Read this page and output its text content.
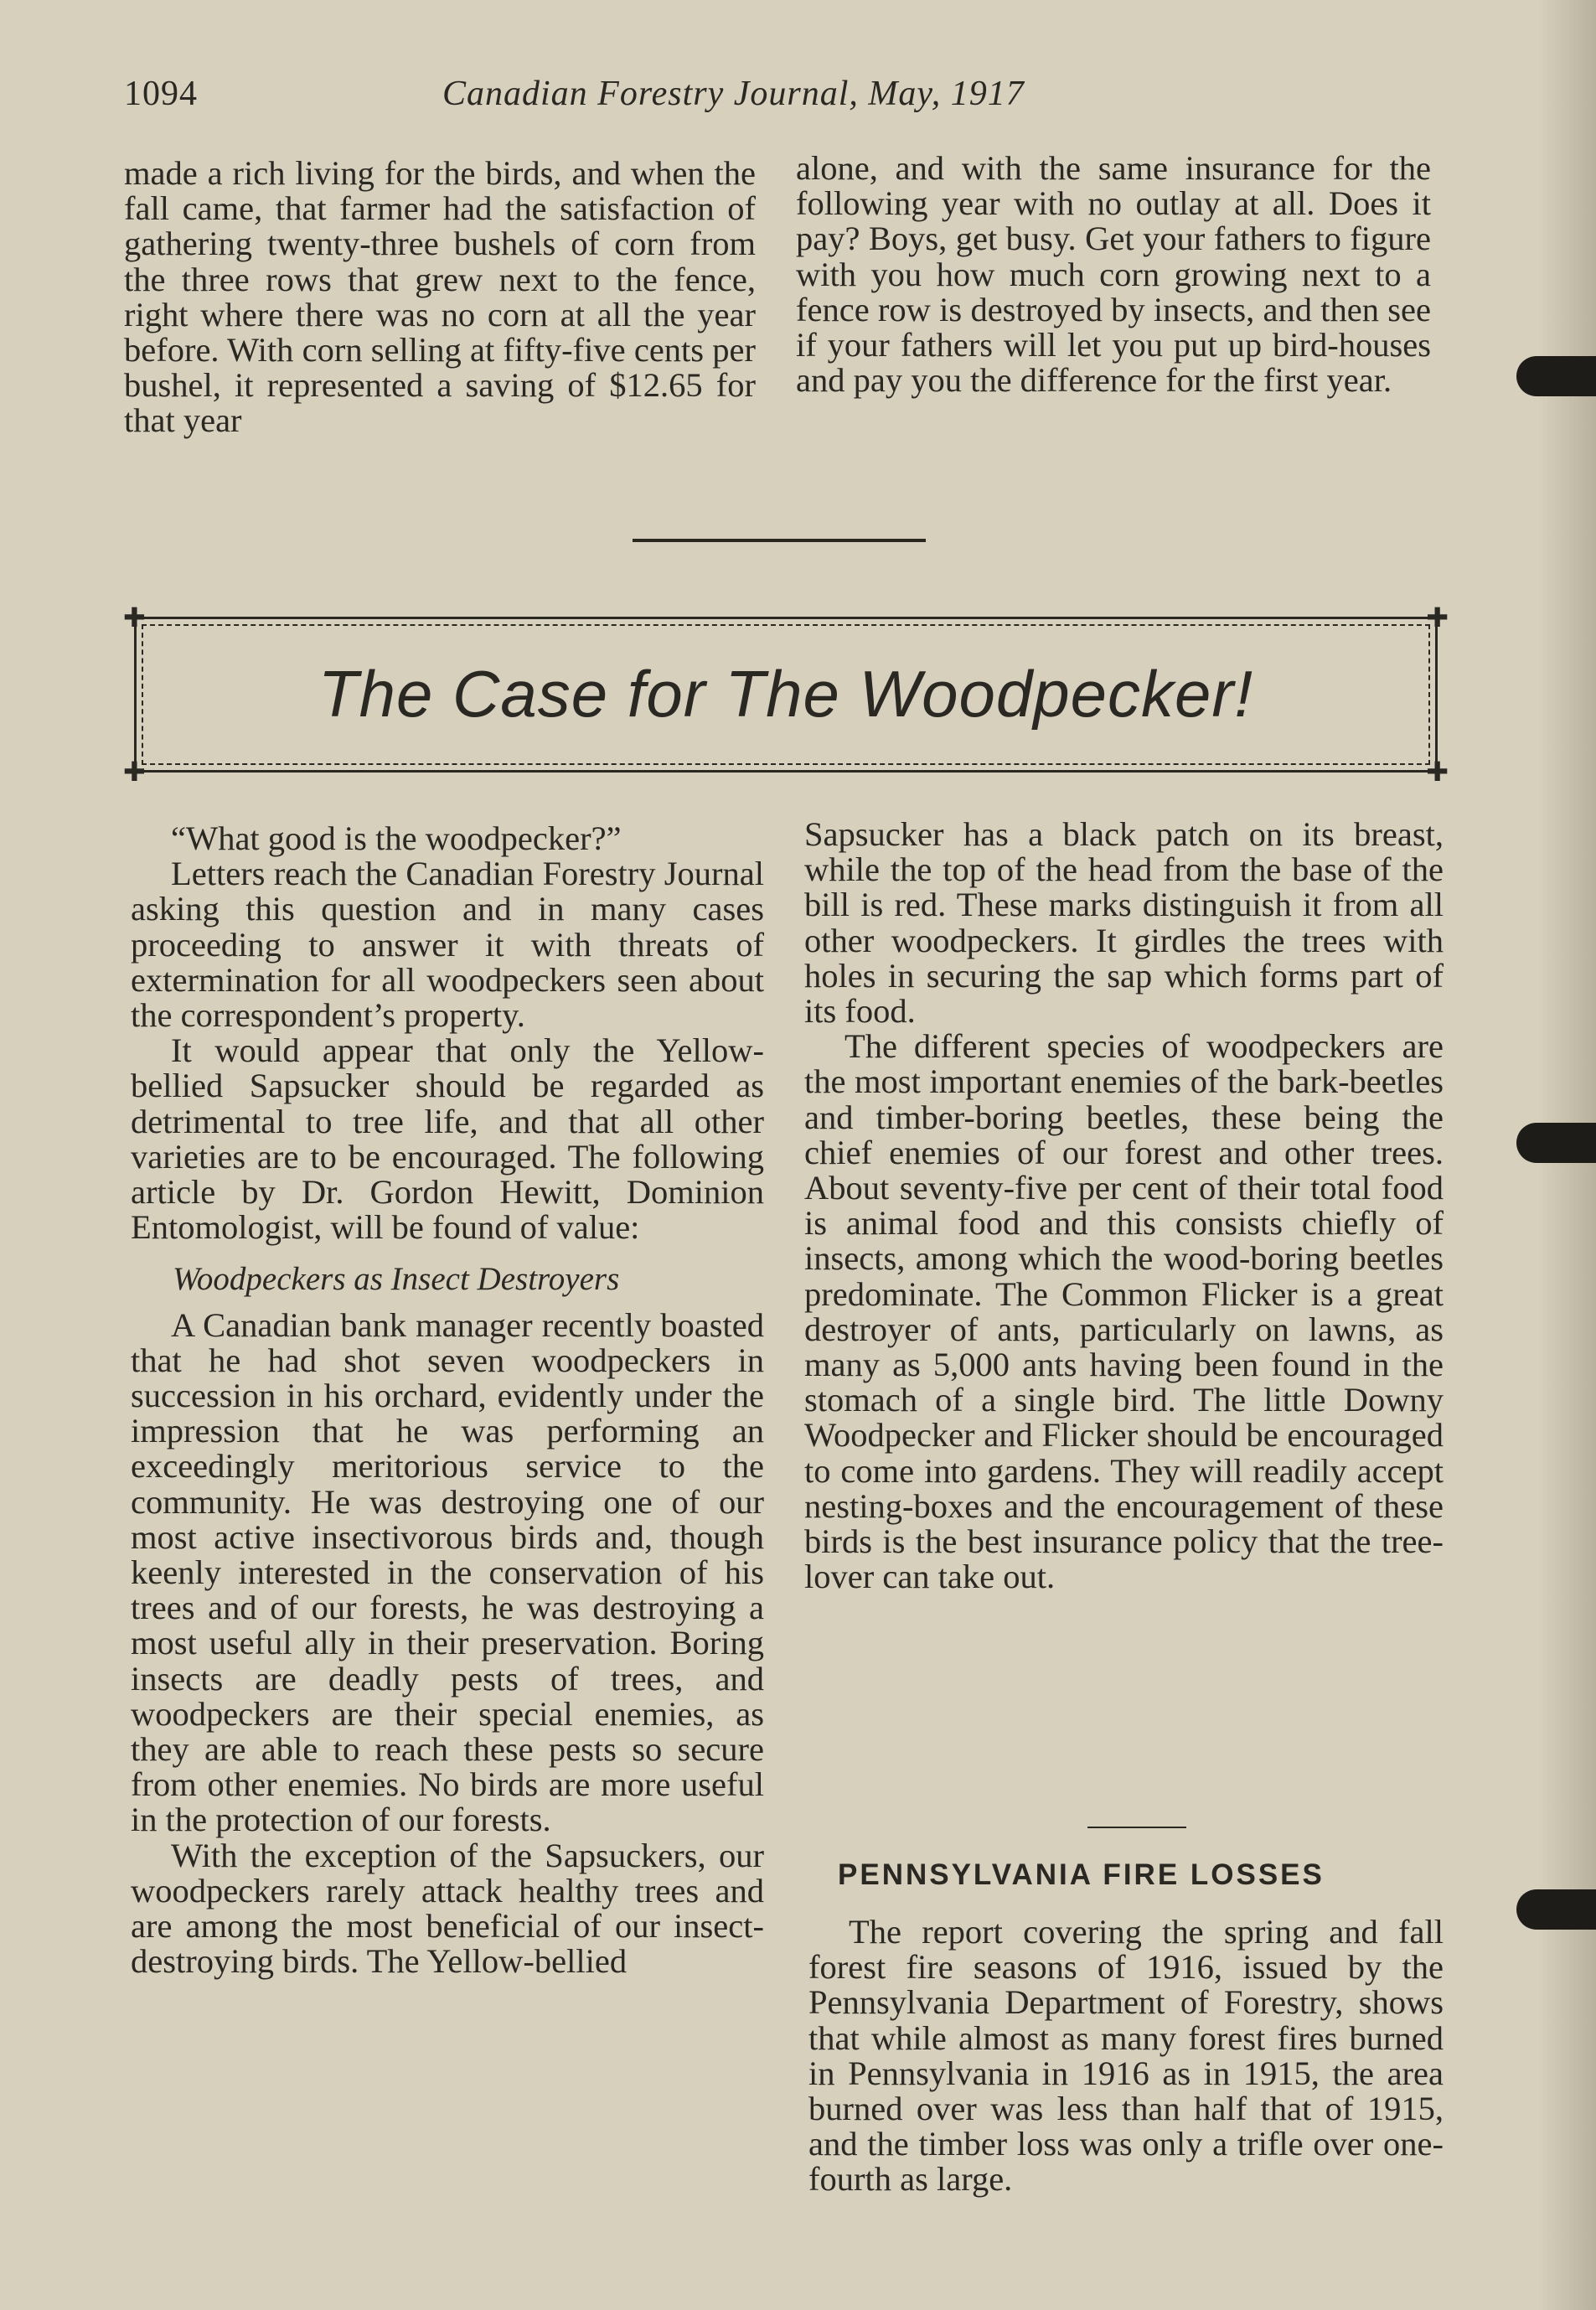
1094	Canadian Forestry Journal, May, 1917

made a rich living for the birds, and when the fall came, that farmer had the satisfaction of gathering twenty-three bushels of corn from the three rows that grew next to the fence, right where there was no corn at all the year before. With corn selling at fifty-five cents per bushel, it represented a saving of $12.65 for that year

alone, and with the same insurance for the following year with no outlay at all. Does it pay? Boys, get busy. Get your fathers to figure with you how much corn growing next to a fence row is destroyed by insects, and then see if your fathers will let you put up bird-houses and pay you the difference for the first year.

✚	✚
✚	✚
The Case for The Woodpecker!

“What good is the woodpecker?”

Letters reach the Canadian Forestry Journal asking this question and in many cases proceeding to answer it with threats of extermination for all woodpeckers seen about the correspondent’s property.

It would appear that only the Yellow-bellied Sapsucker should be regarded as detrimental to tree life, and that all other varieties are to be encouraged. The following article by Dr. Gordon Hewitt, Dominion Entomologist, will be found of value:

Woodpeckers as Insect Destroyers

A Canadian bank manager recently boasted that he had shot seven woodpeckers in succession in his orchard, evidently under the impression that he was performing an exceedingly meritorious service to the community. He was destroying one of our most active insectivorous birds and, though keenly interested in the conservation of his trees and of our forests, he was destroying a most useful ally in their preservation. Boring insects are deadly pests of trees, and woodpeckers are their special enemies, as they are able to reach these pests so secure from other enemies. No birds are more useful in the protection of our forests.

With the exception of the Sapsuckers, our woodpeckers rarely attack healthy trees and are among the most beneficial of our insect-destroying birds. The Yellow-bellied

Sapsucker has a black patch on its breast, while the top of the head from the base of the bill is red. These marks distinguish it from all other woodpeckers. It girdles the trees with holes in securing the sap which forms part of its food.

The different species of woodpeckers are the most important enemies of the bark-beetles and timber-boring beetles, these being the chief enemies of our forest and other trees. About seventy-five per cent of their total food is animal food and this consists chiefly of insects, among which the wood-boring beetles predominate. The Common Flicker is a great destroyer of ants, particularly on lawns, as many as 5,000 ants having been found in the stomach of a single bird. The little Downy Woodpecker and Flicker should be encouraged to come into gardens. They will readily accept nesting-boxes and the encouragement of these birds is the best insurance policy that the tree-lover can take out.

PENNSYLVANIA FIRE LOSSES

The report covering the spring and fall forest fire seasons of 1916, issued by the Pennsylvania Department of Forestry, shows that while almost as many forest fires burned in Pennsylvania in 1916 as in 1915, the area burned over was less than half that of 1915, and the timber loss was only a trifle over one-fourth as large.
